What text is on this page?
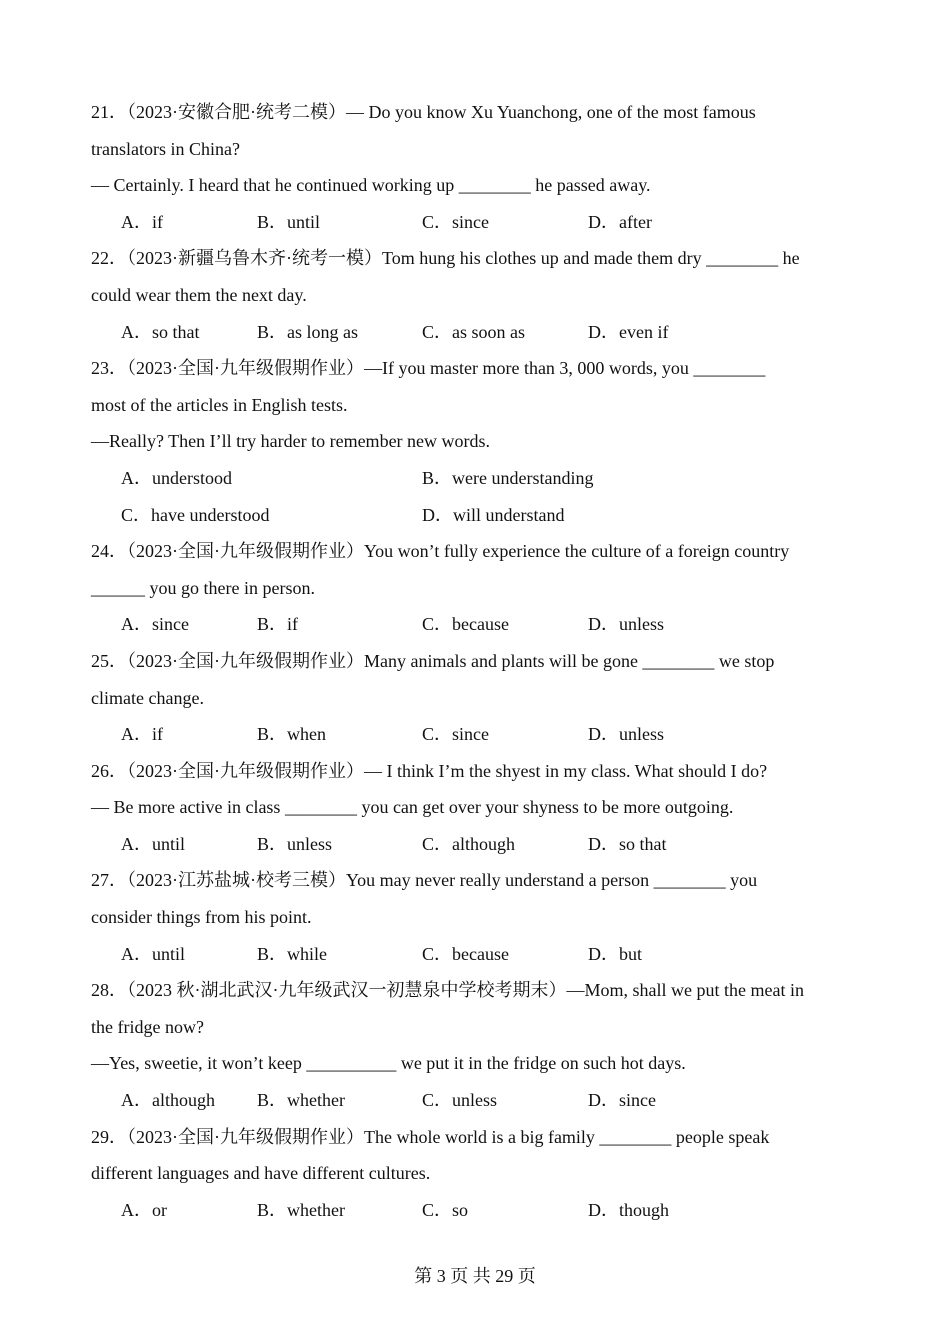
21．（2023·安徽合肥·统考二模）— Do you know Xu Yuanchong, one of the most famous
translators in China?
— Certainly. I heard that he continued working up ________ he passed away.
A．if	B．until	C．since	D．after
22．（2023·新疆乌鲁木齐·统考一模）Tom hung his clothes up and made them dry ________ he
could wear them the next day.
A．so that	B．as long as	C．as soon as	D．even if
23．（2023·全国·九年级假期作业）—If you master more than 3, 000 words, you ________
most of the articles in English tests.
—Really? Then I’ll try harder to remember new words.
A．understood	B．were understanding
C．have understood	D．will understand
24．（2023·全国·九年级假期作业）You won’t fully experience the culture of a foreign country
______ you go there in person.
A．since	B．if	C．because	D．unless
25．（2023·全国·九年级假期作业）Many animals and plants will be gone ________ we stop
climate change.
A．if	B．when	C．since	D．unless
26．（2023·全国·九年级假期作业）— I think I’m the shyest in my class. What should I do?
— Be more active in class ________ you can get over your shyness to be more outgoing.
A．until	B．unless	C．although	D．so that
27．（2023·江苏盐城·校考三模）You may never really understand a person ________ you
consider things from his point.
A．until	B．while	C．because	D．but
28．（2023 秋·湖北武汉·九年级武汉一初慧泉中学校考期末）—Mom, shall we put the meat in
the fridge now?
—Yes, sweetie, it won’t keep __________ we put it in the fridge on such hot days.
A．although B．whether	C．unless	D．since
29．（2023·全国·九年级假期作业）The whole world is a big family ________ people speak
different languages and have different cultures.
A．or	B．whether	C．so	D．though
第 3 页 共 29 页
